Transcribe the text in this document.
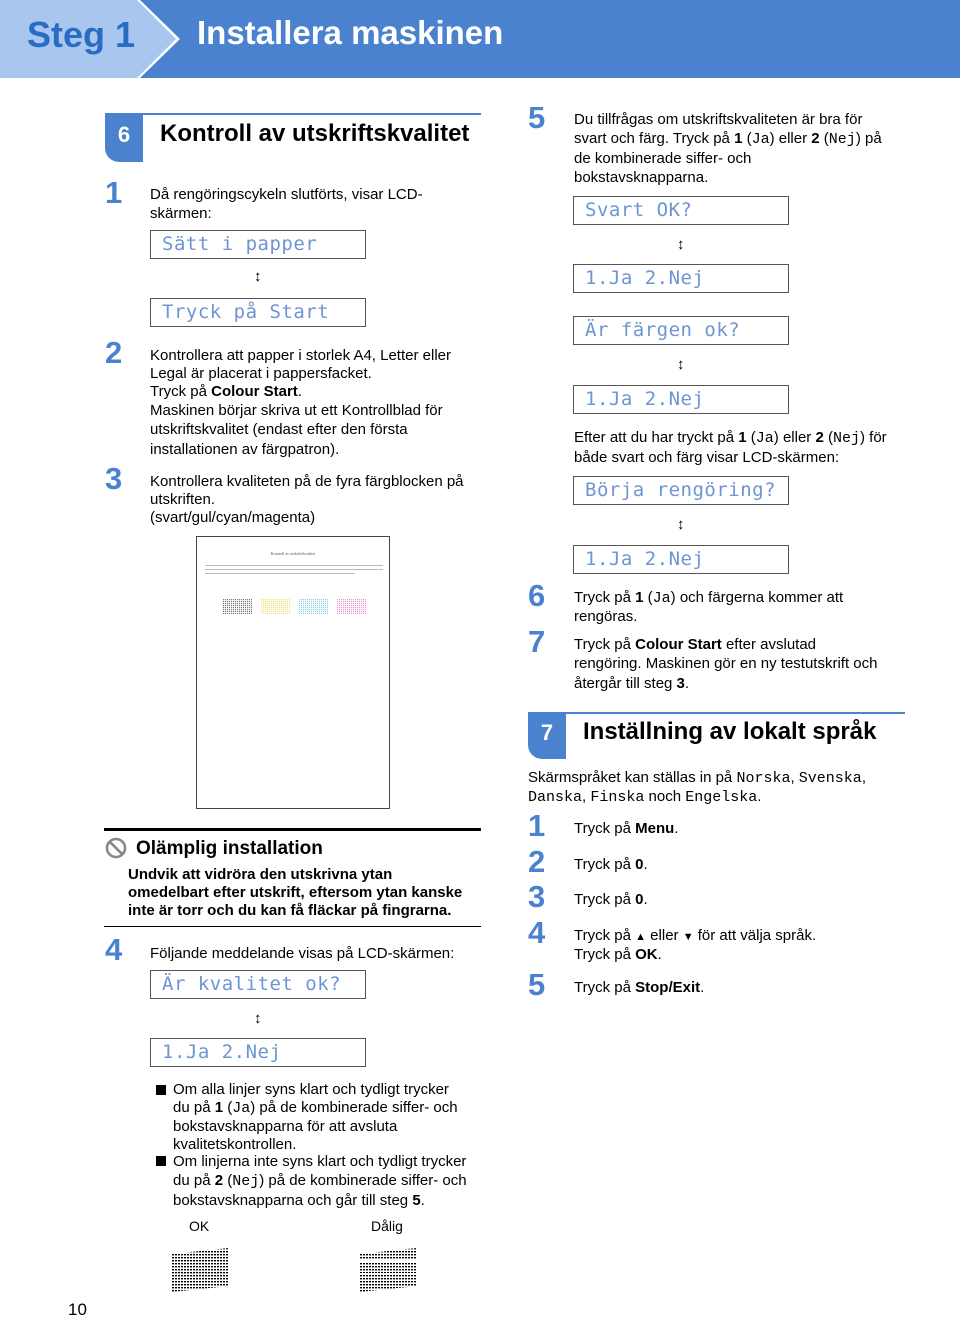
Steg 1 Installera maskinen
6	Kontroll av utskriftskvalitet
1 Då rengöringscykeln slutförts, visar LCD-
skärmen:
Sätt i papper
↕
Tryck på Start
2 Kontrollera att papper i storlek A4, Letter eller
Legal är placerat i pappersfacket.
Tryck på Colour Start.
Maskinen börjar skriva ut ett Kontrollblad för
utskriftskvalitet (endast efter den första
installationen av färgpatron).
3 Kontrollera kvaliteten på de fyra färgblocken på
utskriften.
(svart/gul/cyan/magenta)
Kontroll av utskriftskvalitet
Olämplig installation
Undvik att vidröra den utskrivna ytan
omedelbart efter utskrift, eftersom ytan kanske
inte är torr och du kan få fläckar på fingrarna.
4 Följande meddelande visas på LCD-skärmen:
Är kvalitet ok?
↕
1.Ja 2.Nej
Om alla linjer syns klart och tydligt trycker
du på 1 (Ja) på de kombinerade siffer- och
bokstavsknapparna för att avsluta
kvalitetskontrollen.
Om linjerna inte syns klart och tydligt trycker
du på 2 (Nej) på de kombinerade siffer- och
bokstavsknapparna och går till steg 5.
OK	Dålig
5 Du tillfrågas om utskriftskvaliteten är bra för
svart och färg. Tryck på 1 (Ja) eller 2 (Nej) på
de kombinerade siffer- och
bokstavsknapparna.
Svart OK?
↕
1.Ja 2.Nej
Är färgen ok?
↕
1.Ja 2.Nej
Efter att du har tryckt på 1 (Ja) eller 2 (Nej) för
både svart och färg visar LCD-skärmen:
Börja rengöring?
↕
1.Ja 2.Nej
6 Tryck på 1 (Ja) och färgerna kommer att
rengöras.
7 Tryck på Colour Start efter avslutad
rengöring. Maskinen gör en ny testutskrift och
återgår till steg 3.
7	Inställning av lokalt språk
Skärmspråket kan ställas in på Norska, Svenska,
Danska, Finska noch Engelska.
1 Tryck på Menu.
2 Tryck på 0.
3 Tryck på 0.
4 Tryck på ▲ eller ▼ för att välja språk.
Tryck på OK.
5 Tryck på Stop/Exit.
10
